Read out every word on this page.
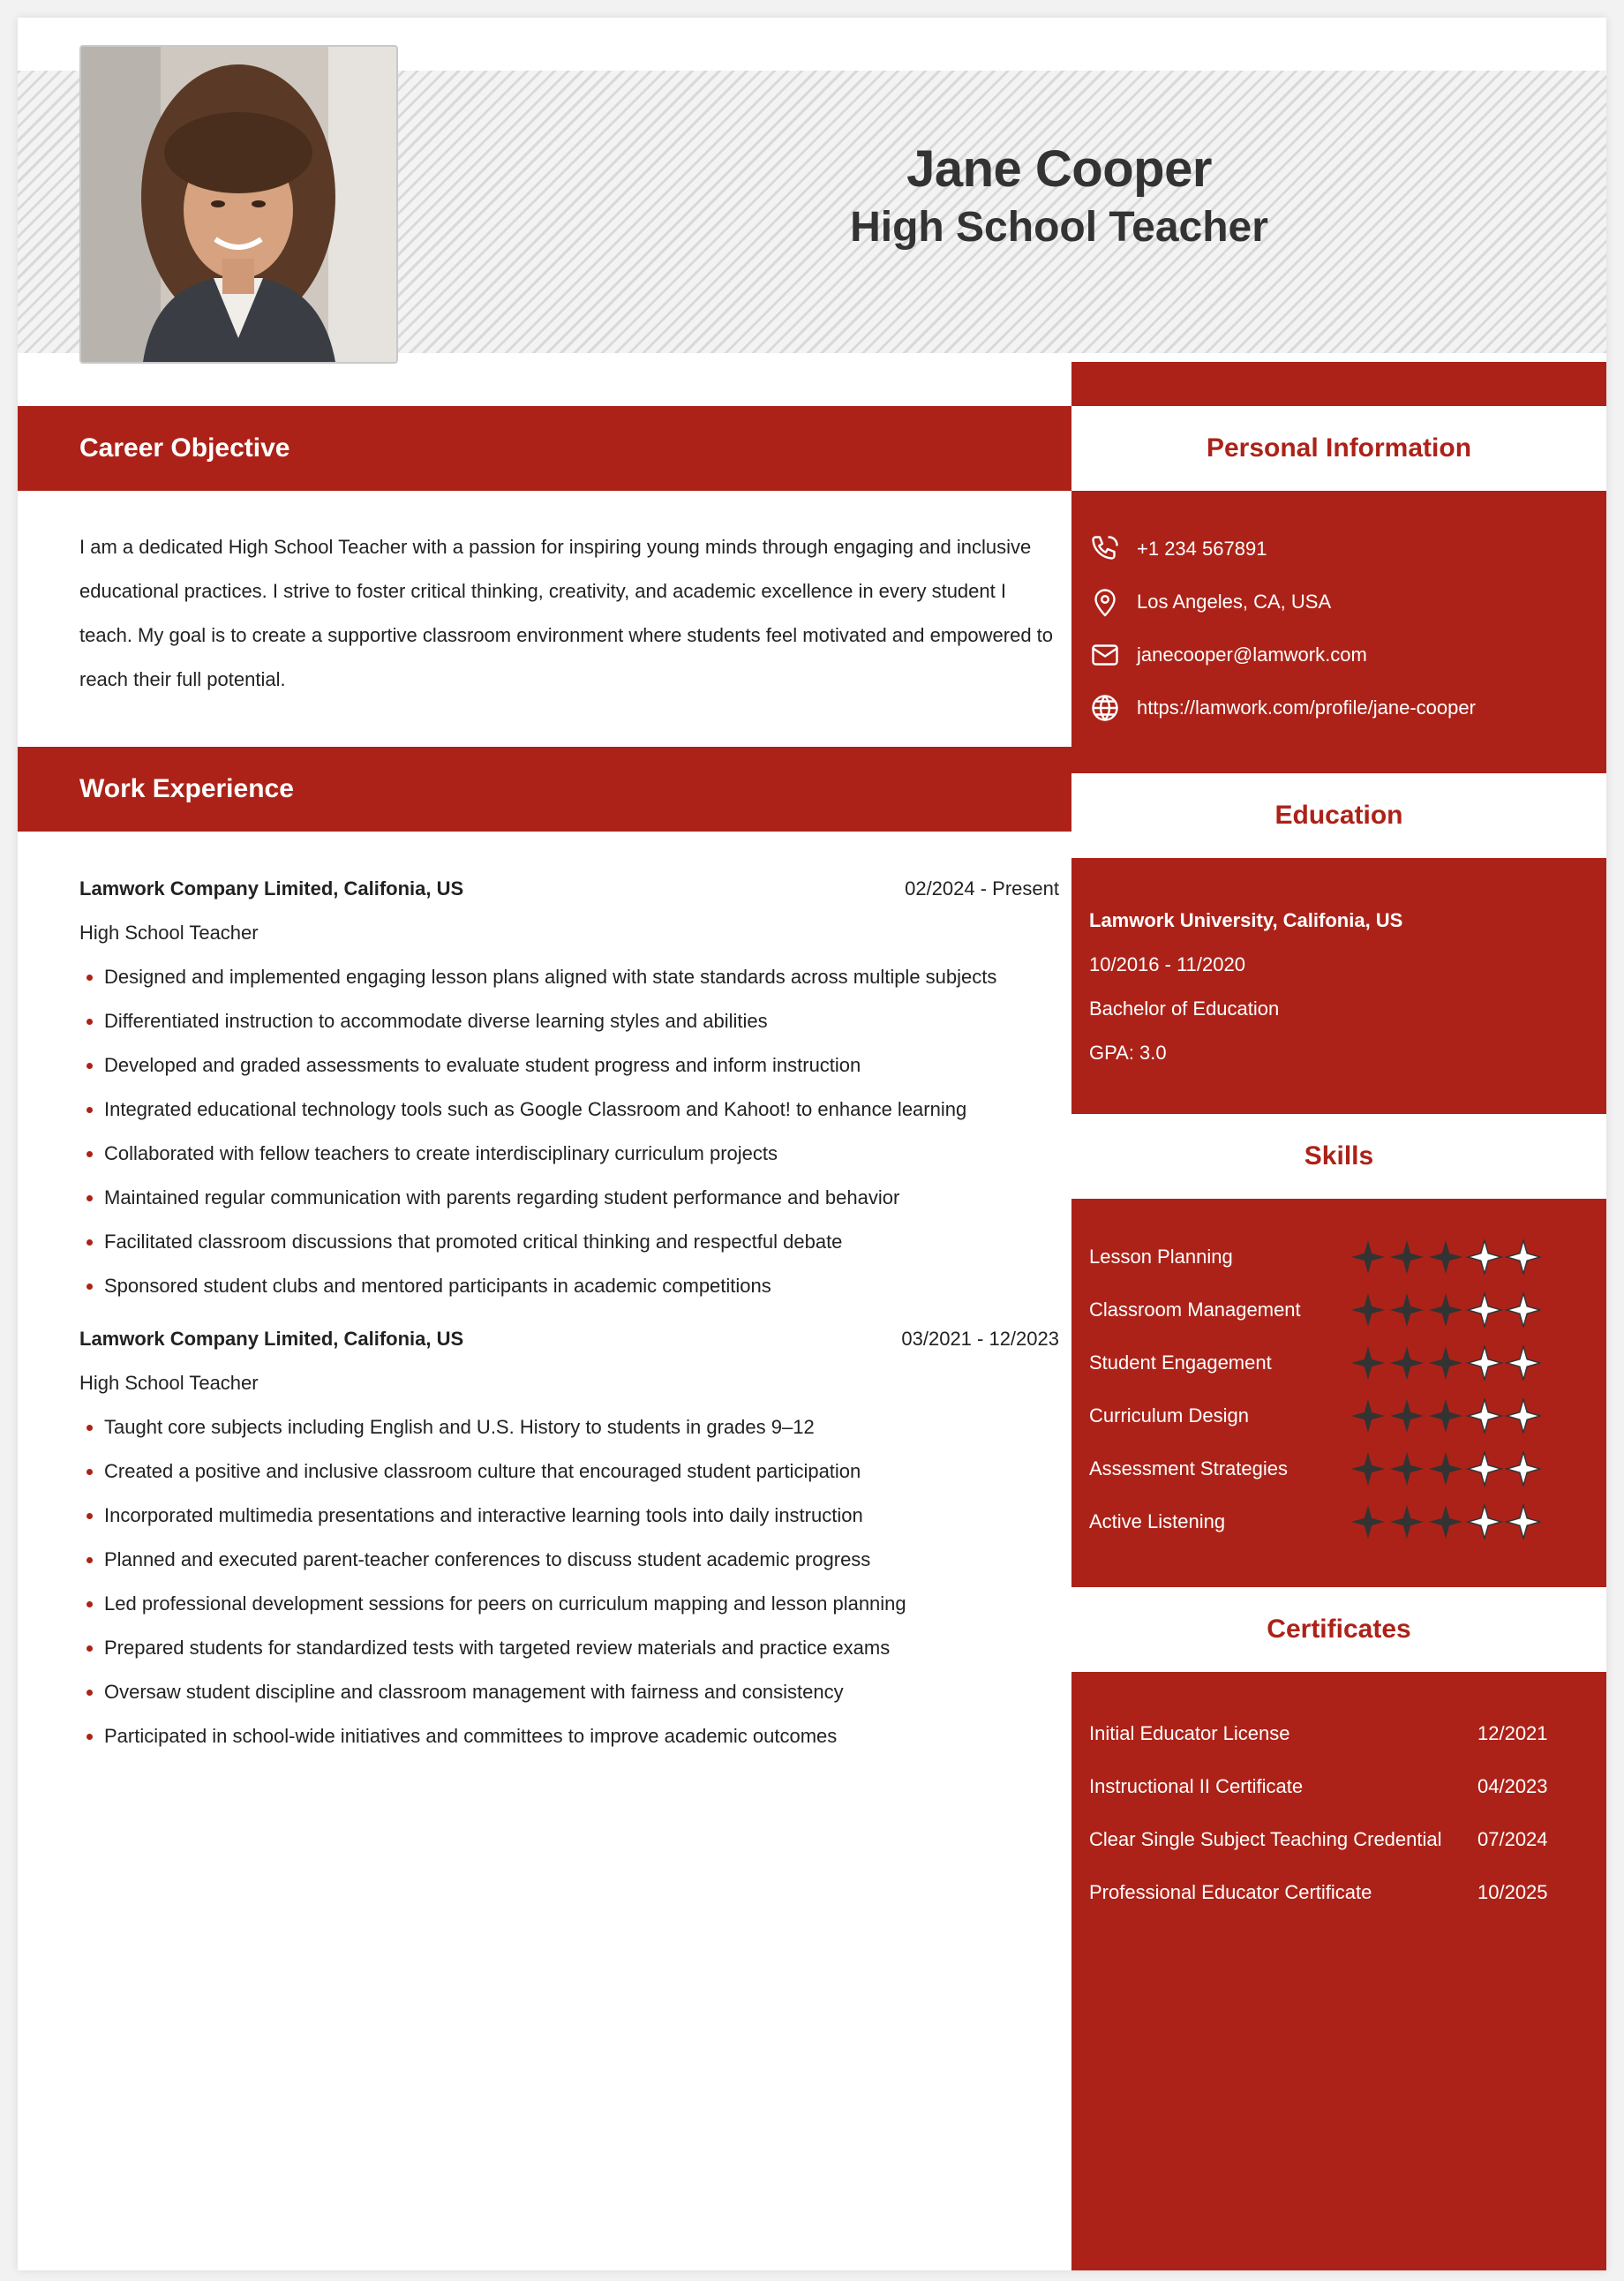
Jane Cooper
High School Teacher
Career Objective

I am a dedicated High School Teacher with a passion for inspiring young minds through engaging and inclusive educational practices. I strive to foster critical thinking, creativity, and academic excellence in every student I teach. My goal is to create a supportive classroom environment where students feel motivated and empowered to reach their full potential.

Work Experience
Lamwork Company Limited, Califonia, US	02/2024 - Present
High School Teacher
Designed and implemented engaging lesson plans aligned with state standards across multiple subjects
Differentiated instruction to accommodate diverse learning styles and abilities
Developed and graded assessments to evaluate student progress and inform instruction
Integrated educational technology tools such as Google Classroom and Kahoot! to enhance learning
Collaborated with fellow teachers to create interdisciplinary curriculum projects
Maintained regular communication with parents regarding student performance and behavior
Facilitated classroom discussions that promoted critical thinking and respectful debate
Sponsored student clubs and mentored participants in academic competitions
Lamwork Company Limited, Califonia, US	03/2021 - 12/2023
High School Teacher
Taught core subjects including English and U.S. History to students in grades 9–12
Created a positive and inclusive classroom culture that encouraged student participation
Incorporated multimedia presentations and interactive learning tools into daily instruction
Planned and executed parent-teacher conferences to discuss student academic progress
Led professional development sessions for peers on curriculum mapping and lesson planning
Prepared students for standardized tests with targeted review materials and practice exams
Oversaw student discipline and classroom management with fairness and consistency
Participated in school-wide initiatives and committees to improve academic outcomes
Personal Information
+1 234 567891
Los Angeles, CA, USA
janecooper@lamwork.com
https://lamwork.com/profile/jane-cooper
Education
Lamwork University, Califonia, US
10/2016 - 11/2020
Bachelor of Education
GPA: 3.0
Skills
Lesson Planning
Classroom Management
Student Engagement
Curriculum Design
Assessment Strategies
Active Listening
Certificates
Initial Educator License	12/2021
Instructional II Certificate	04/2023
Clear Single Subject Teaching Credential 07/2024
Professional Educator Certificate	10/2025
